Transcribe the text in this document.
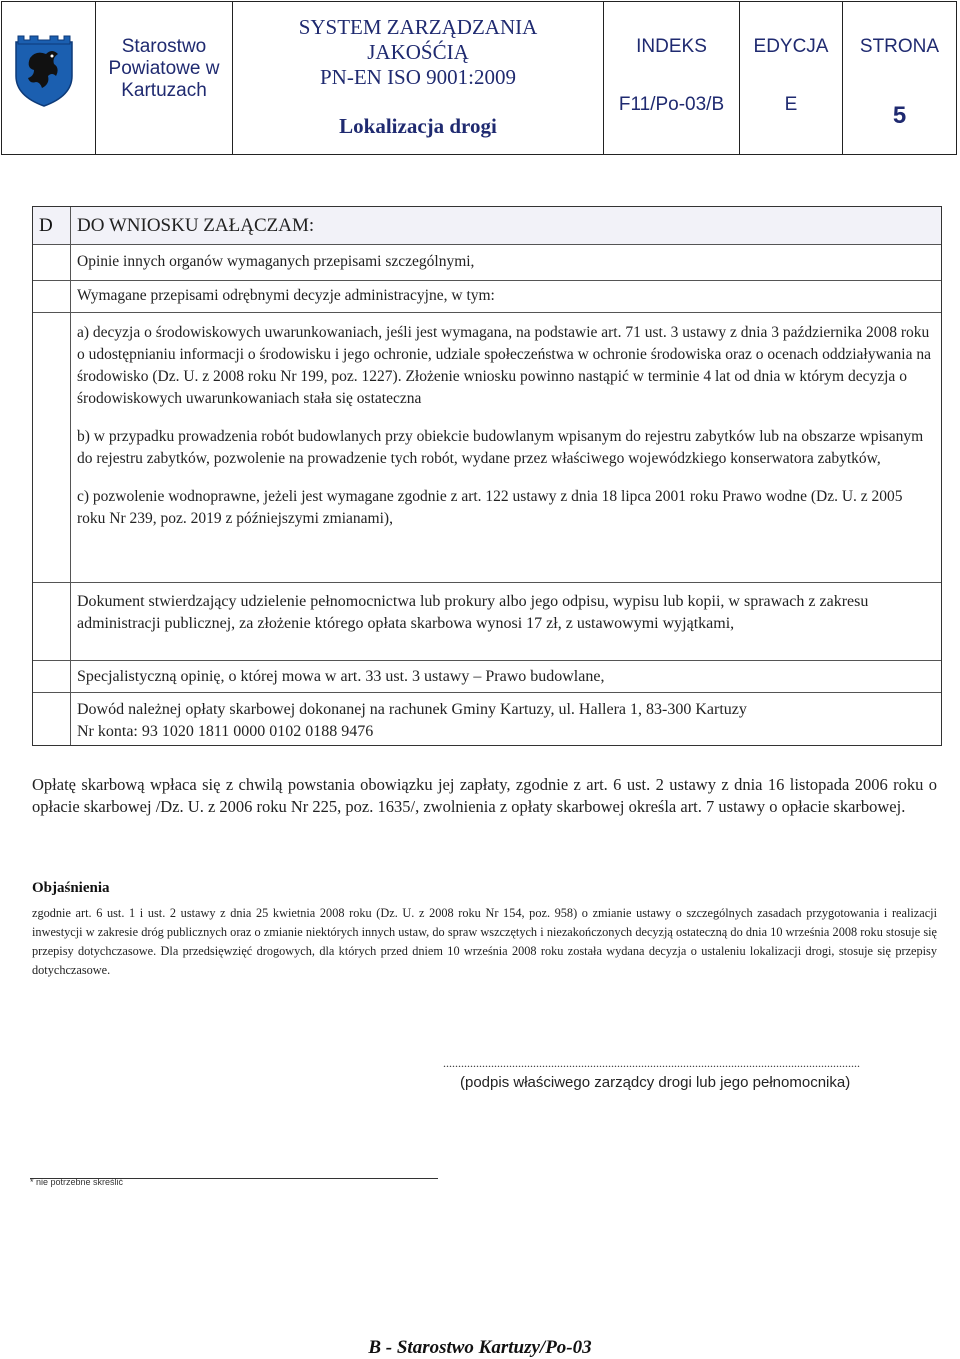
Starostwo
Powiatowe w
Kartuzach
SYSTEM ZARZĄDZANIA
JAKOŚĆIĄ
PN-EN ISO 9001:2009
Lokalizacja drogi
INDEKS
F11/Po-03/B
EDYCJA
E
STRONA
5
D	DO WNIOSKU ZAŁĄCZAM:
Opinie innych organów wymaganych przepisami szczególnymi,
Wymagane przepisami odrębnymi decyzje administracyjne, w tym:

a) decyzja o środowiskowych uwarunkowaniach, jeśli jest wymagana, na podstawie art. 71 ust. 3 ustawy z dnia 3 października 2008 roku o udostępnianiu informacji o środowisku i jego ochronie, udziale społeczeństwa w ochronie środowiska oraz o ocenach oddziaływania na środowisko (Dz. U. z 2008 roku Nr 199, poz. 1227). Złożenie wniosku powinno nastąpić w terminie 4 lat od dnia w którym decyzja o środowiskowych uwarunkowaniach stała się ostateczna

b) w przypadku prowadzenia robót budowlanych przy obiekcie budowlanym wpisanym do rejestru zabytków lub na obszarze wpisanym do rejestru zabytków, pozwolenie na prowadzenie tych robót, wydane przez właściwego wojewódzkiego konserwatora zabytków,

c) pozwolenie wodnoprawne, jeżeli jest wymagane zgodnie z art. 122 ustawy z dnia 18 lipca 2001 roku Prawo wodne (Dz. U. z 2005 roku Nr 239, poz. 2019 z późniejszymi zmianami),

Dokument stwierdzający udzielenie pełnomocnictwa lub prokury albo jego odpisu, wypisu lub kopii, w sprawach z zakresu administracji publicznej, za złożenie którego opłata skarbowa wynosi 17 zł, z ustawowymi wyjątkami,
Specjalistyczną opinię, o której mowa w art. 33 ust. 3 ustawy – Prawo budowlane,
Dowód należnej opłaty skarbowej dokonanej na rachunek Gminy Kartuzy, ul. Hallera 1, 83-300 Kartuzy
Nr konta: 93 1020 1811 0000 0102 0188 9476
Opłatę skarbową wpłaca się z chwilą powstania obowiązku jej zapłaty, zgodnie z art. 6 ust. 2 ustawy z dnia 16 listopada 2006 roku o opłacie skarbowej /Dz. U. z 2006 roku Nr 225, poz. 1635/, zwolnienia z opłaty skarbowej określa art. 7 ustawy o opłacie skarbowej.
Objaśnienia
zgodnie art. 6 ust. 1 i ust. 2 ustawy z dnia 25 kwietnia 2008 roku (Dz. U. z 2008 roku Nr 154, poz. 958) o zmianie ustawy o szczególnych zasadach przygotowania i realizacji inwestycji w zakresie dróg publicznych oraz o zmianie niektórych innych ustaw, do spraw wszczętych i niezakończonych decyzją ostateczną do dnia 10 września 2008 roku stosuje się przepisy dotychczasowe. Dla przedsięwzięć drogowych, dla których przed dniem 10 września 2008 roku została wydana decyzja o ustaleniu lokalizacji drogi, stosuje się przepisy dotychczasowe.
...........................................................................................................................................
(podpis właściwego zarządcy drogi lub jego pełnomocnika)
* nie potrzebne skreślić
B - Starostwo Kartuzy/Po-03
